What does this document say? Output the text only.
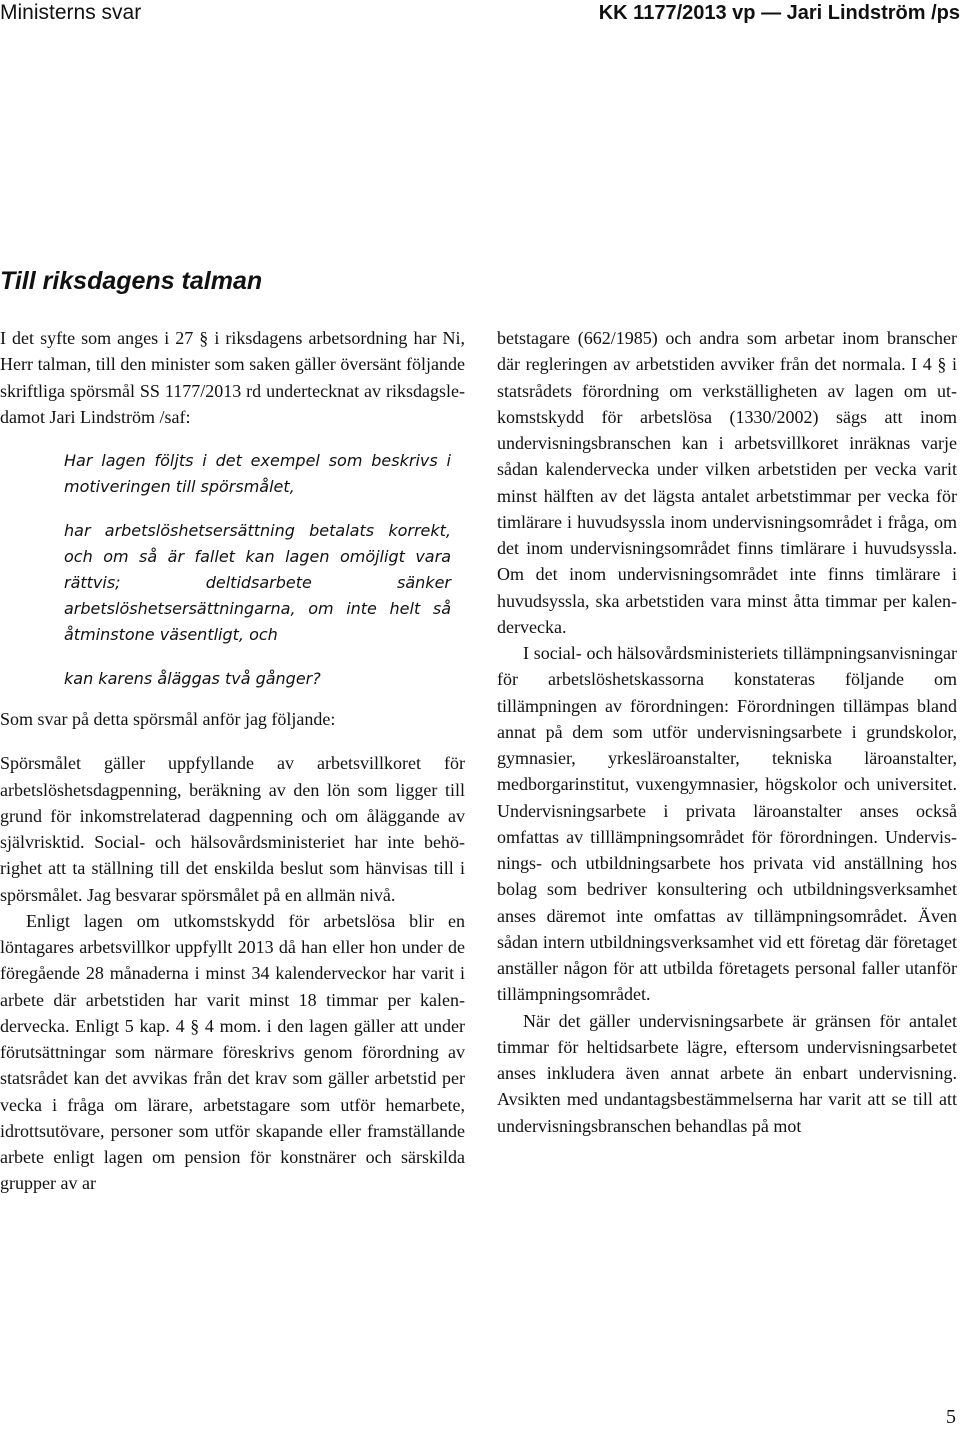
Ministerns svar	KK 1177/2013 vp — Jari Lindström /ps
Till riksdagens talman

I det syfte som anges i 27 § i riksdagens arbetsordning har Ni, Herr talman, till den minister som saken gäller översänt följande skriftliga spörsmål SS 1177/2013 rd undertecknat av riksdagsledamot Jari Lindström /saf:

Har lagen följts i det exempel som beskrivs i motiveringen till spörsmålet,

har arbetslöshetsersättning betalats korrekt, och om så är fallet kan lagen omöjligt vara rättvis; deltidsarbete sänker arbetslöshetsersättningarna, om inte helt så åtminstone väsentligt, och

kan karens åläggas två gånger?

Som svar på detta spörsmål anför jag följande:

Spörsmålet gäller uppfyllande av arbetsvillkoret för arbetslöshetsdagpenning, beräkning av den lön som ligger till grund för inkomstrelaterad dagpenning och om åläggande av självrisktid. Social- och hälsovårdsministeriet har inte behörighet att ta ställning till det enskilda beslut som hänvisas till i spörsmålet. Jag besvarar spörsmålet på en allmän nivå.

Enligt lagen om utkomstskydd för arbetslösa blir en löntagares arbetsvillkor uppfyllt 2013 då han eller hon under de föregående 28 månaderna i minst 34 kalenderveckor har varit i arbete där arbetstiden har varit minst 18 timmar per kalendervecka. Enligt 5 kap. 4 § 4 mom. i den lagen gäller att under förutsättningar som närmare föreskrivs genom förordning av statsrådet kan det avvikas från det krav som gäller arbetstid per vecka i fråga om lärare, arbetstagare som utför hemarbete, idrottsutövare, personer som utför skapande eller framställande arbete enligt lagen om pension för konstnärer och särskilda grupper av ar

betstagare (662/1985) och andra som arbetar inom branscher där regleringen av arbetstiden avviker från det normala. I 4 § i statsrådets förordning om verkställigheten av lagen om utkomstskydd för arbetslösa (1330/2002) sägs att inom undervisningsbranschen kan i arbetsvillkoret inräknas varje sådan kalendervecka under vilken arbetstiden per vecka varit minst hälften av det lägsta antalet arbetstimmar per vecka för timlärare i huvudsyssla inom undervisningsområdet i fråga, om det inom undervisningsområdet finns timlärare i huvudsyssla. Om det inom undervisningsområdet inte finns timlärare i huvudsyssla, ska arbetstiden vara minst åtta timmar per kalendervecka.

I social- och hälsovårdsministeriets tillämpningsanvisningar för arbetslöshetskassorna konstateras följande om tillämpningen av förordningen: Förordningen tillämpas bland annat på dem som utför undervisningsarbete i grundskolor, gymnasier, yrkesläroanstalter, tekniska läroanstalter, medborgarinstitut, vuxengymnasier, högskolor och universitet. Undervisningsarbete i privata läroanstalter anses också omfattas av tilllämpningsområdet för förordningen. Undervisnings- och utbildningsarbete hos privata vid anställning hos bolag som bedriver konsultering och utbildningsverksamhet anses däremot inte omfattas av tillämpningsområdet. Även sådan intern utbildningsverksamhet vid ett företag där företaget anställer någon för att utbilda företagets personal faller utanför tillämpningsområdet.

När det gäller undervisningsarbete är gränsen för antalet timmar för heltidsarbete lägre, eftersom undervisningsarbetet anses inkludera även annat arbete än enbart undervisning. Avsikten med undantagsbestämmelserna har varit att se till att undervisningsbranschen behandlas på mot

5
